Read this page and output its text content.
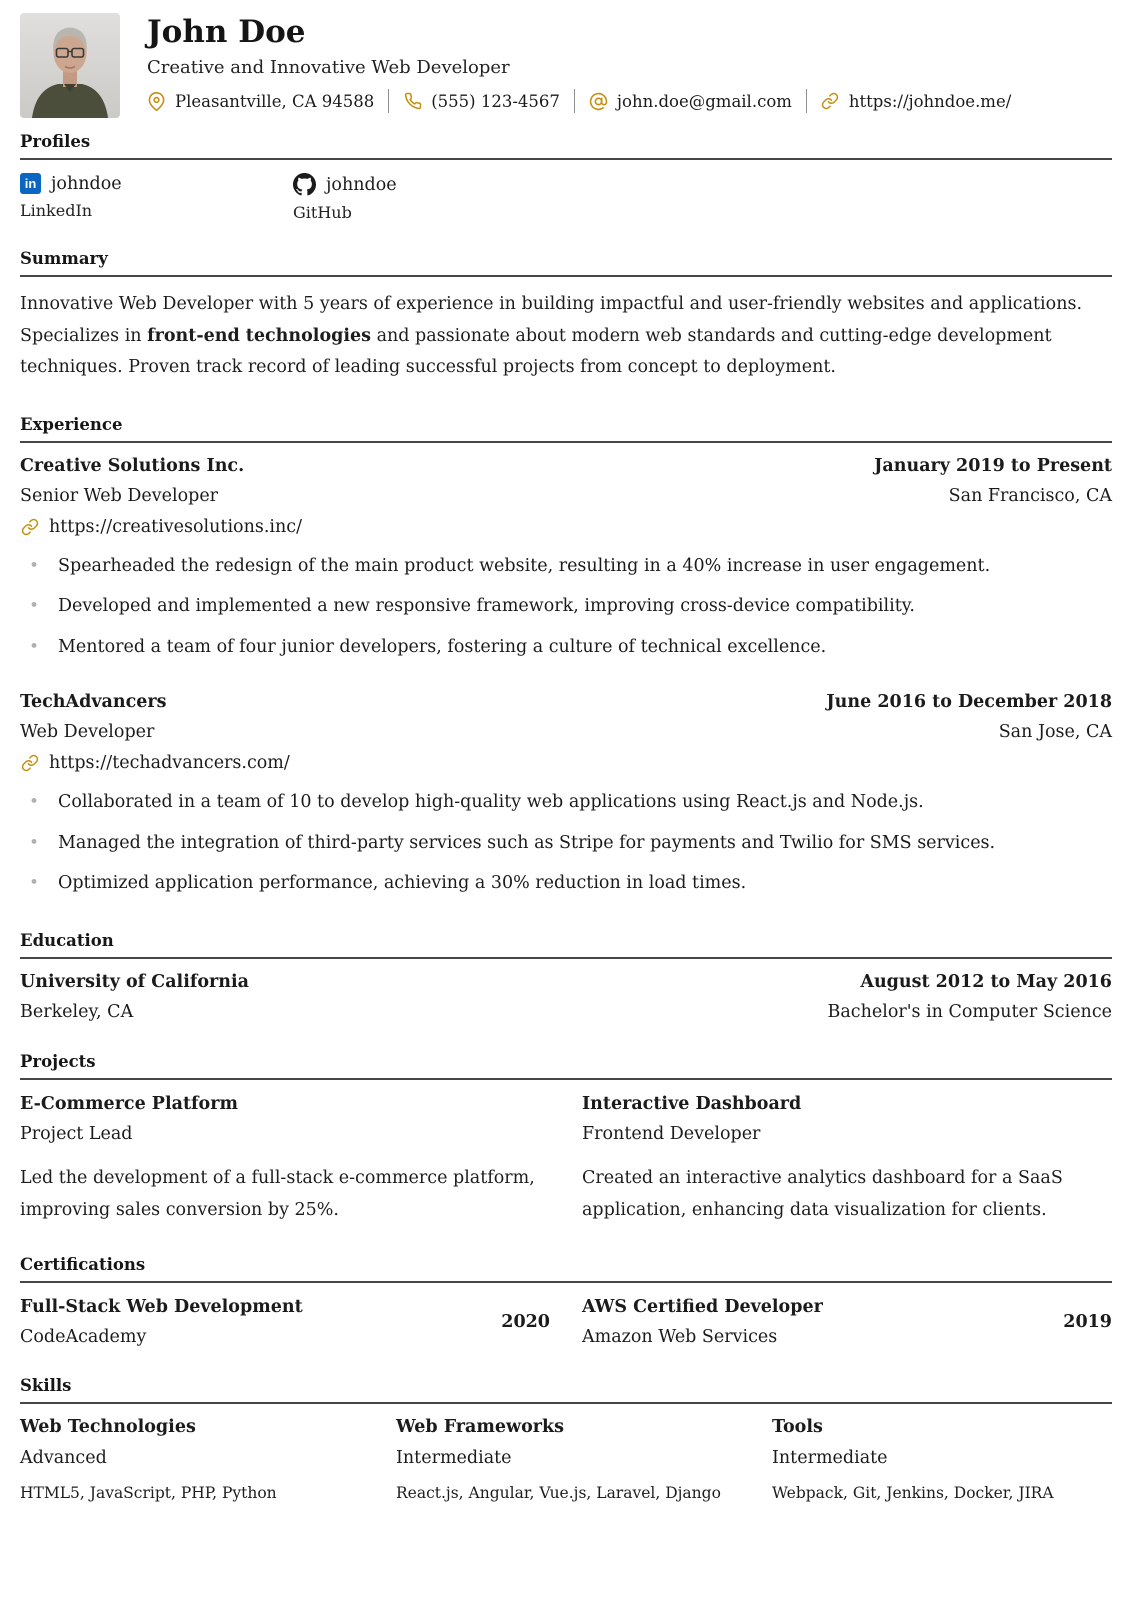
John Doe
Creative and Innovative Web Developer
Pleasantville, CA 94588	(555) 123-4567	john.doe@gmail.com	https://johndoe.me/
Profiles
in johndoe
LinkedIn
johndoe
GitHub
Summary

Innovative Web Developer with 5 years of experience in building impactful and user-friendly websites and applications. Specializes in front-end technologies and passionate about modern web standards and cutting-edge development techniques. Proven track record of leading successful projects from concept to deployment.

Experience
Creative Solutions Inc.	January 2019 to Present
Senior Web Developer	San Francisco, CA
https://creativesolutions.inc/
• Spearheaded the redesign of the main product website, resulting in a 40% increase in user engagement.
• Developed and implemented a new responsive framework, improving cross-device compatibility.
• Mentored a team of four junior developers, fostering a culture of technical excellence.
TechAdvancers	June 2016 to December 2018
Web Developer	San Jose, CA
https://techadvancers.com/
• Collaborated in a team of 10 to develop high-quality web applications using React.js and Node.js.
• Managed the integration of third-party services such as Stripe for payments and Twilio for SMS services.
• Optimized application performance, achieving a 30% reduction in load times.
Education
University of California	August 2012 to May 2016
Berkeley, CA	Bachelor's in Computer Science
Projects
E-Commerce Platform
Project Lead

Led the development of a full-stack e-commerce platform, improving sales conversion by 25%.

Interactive Dashboard
Frontend Developer

Created an interactive analytics dashboard for a SaaS application, enhancing data visualization for clients.

Certifications
Full-Stack Web Development
CodeAcademy
2020
AWS Certified Developer
Amazon Web Services
2019
Skills
Web Technologies
Advanced
HTML5, JavaScript, PHP, Python
Web Frameworks
Intermediate
React.js, Angular, Vue.js, Laravel, Django
Tools
Intermediate
Webpack, Git, Jenkins, Docker, JIRA
